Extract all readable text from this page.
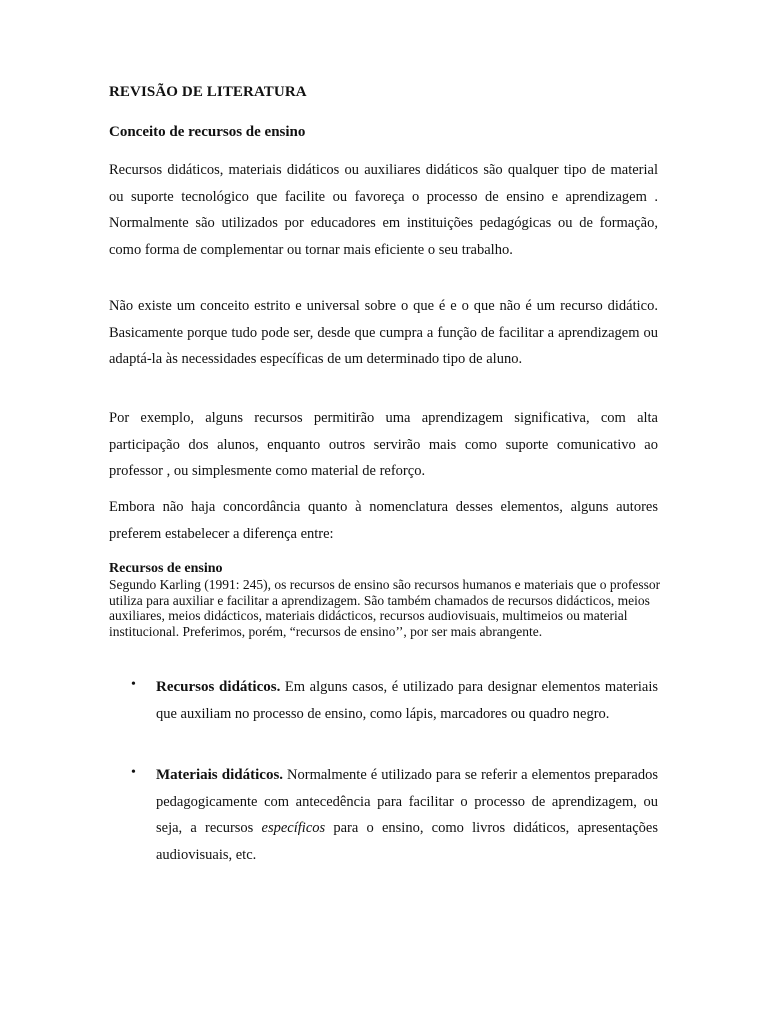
REVISÃO DE LITERATURA
Conceito de recursos de ensino

Recursos didáticos, materiais didáticos ou auxiliares didáticos são qualquer tipo de material ou suporte tecnológico que facilite ou favoreça o processo de ensino e aprendizagem . Normalmente são utilizados por educadores em instituições pedagógicas ou de formação, como forma de complementar ou tornar mais eficiente o seu trabalho.

Não existe um conceito estrito e universal sobre o que é e o que não é um recurso didático. Basicamente porque tudo pode ser, desde que cumpra a função de facilitar a aprendizagem ou adaptá-la às necessidades específicas de um determinado tipo de aluno.

Por exemplo, alguns recursos permitirão uma aprendizagem significativa, com alta participação dos alunos, enquanto outros servirão mais como suporte comunicativo ao professor , ou simplesmente como material de reforço.

Embora não haja concordância quanto à nomenclatura desses elementos, alguns autores preferem estabelecer a diferença entre:

Recursos de ensino

Segundo Karling (1991: 245), os recursos de ensino são recursos humanos e materiais que o professor utiliza para auxiliar e facilitar a aprendizagem. São também chamados de recursos didácticos, meios auxiliares, meios didácticos, materiais didácticos, recursos audiovisuais, multimeios ou material institucional. Preferimos, porém, “recursos de ensino’’, por ser mais abrangente.

• Recursos didáticos. Em alguns casos, é utilizado para designar elementos materiais que auxiliam no processo de ensino, como lápis, marcadores ou quadro negro.

• Materiais didáticos. Normalmente é utilizado para se referir a elementos preparados pedagogicamente com antecedência para facilitar o processo de aprendizagem, ou seja, a recursos específicos para o ensino, como livros didáticos, apresentações audiovisuais, etc.
